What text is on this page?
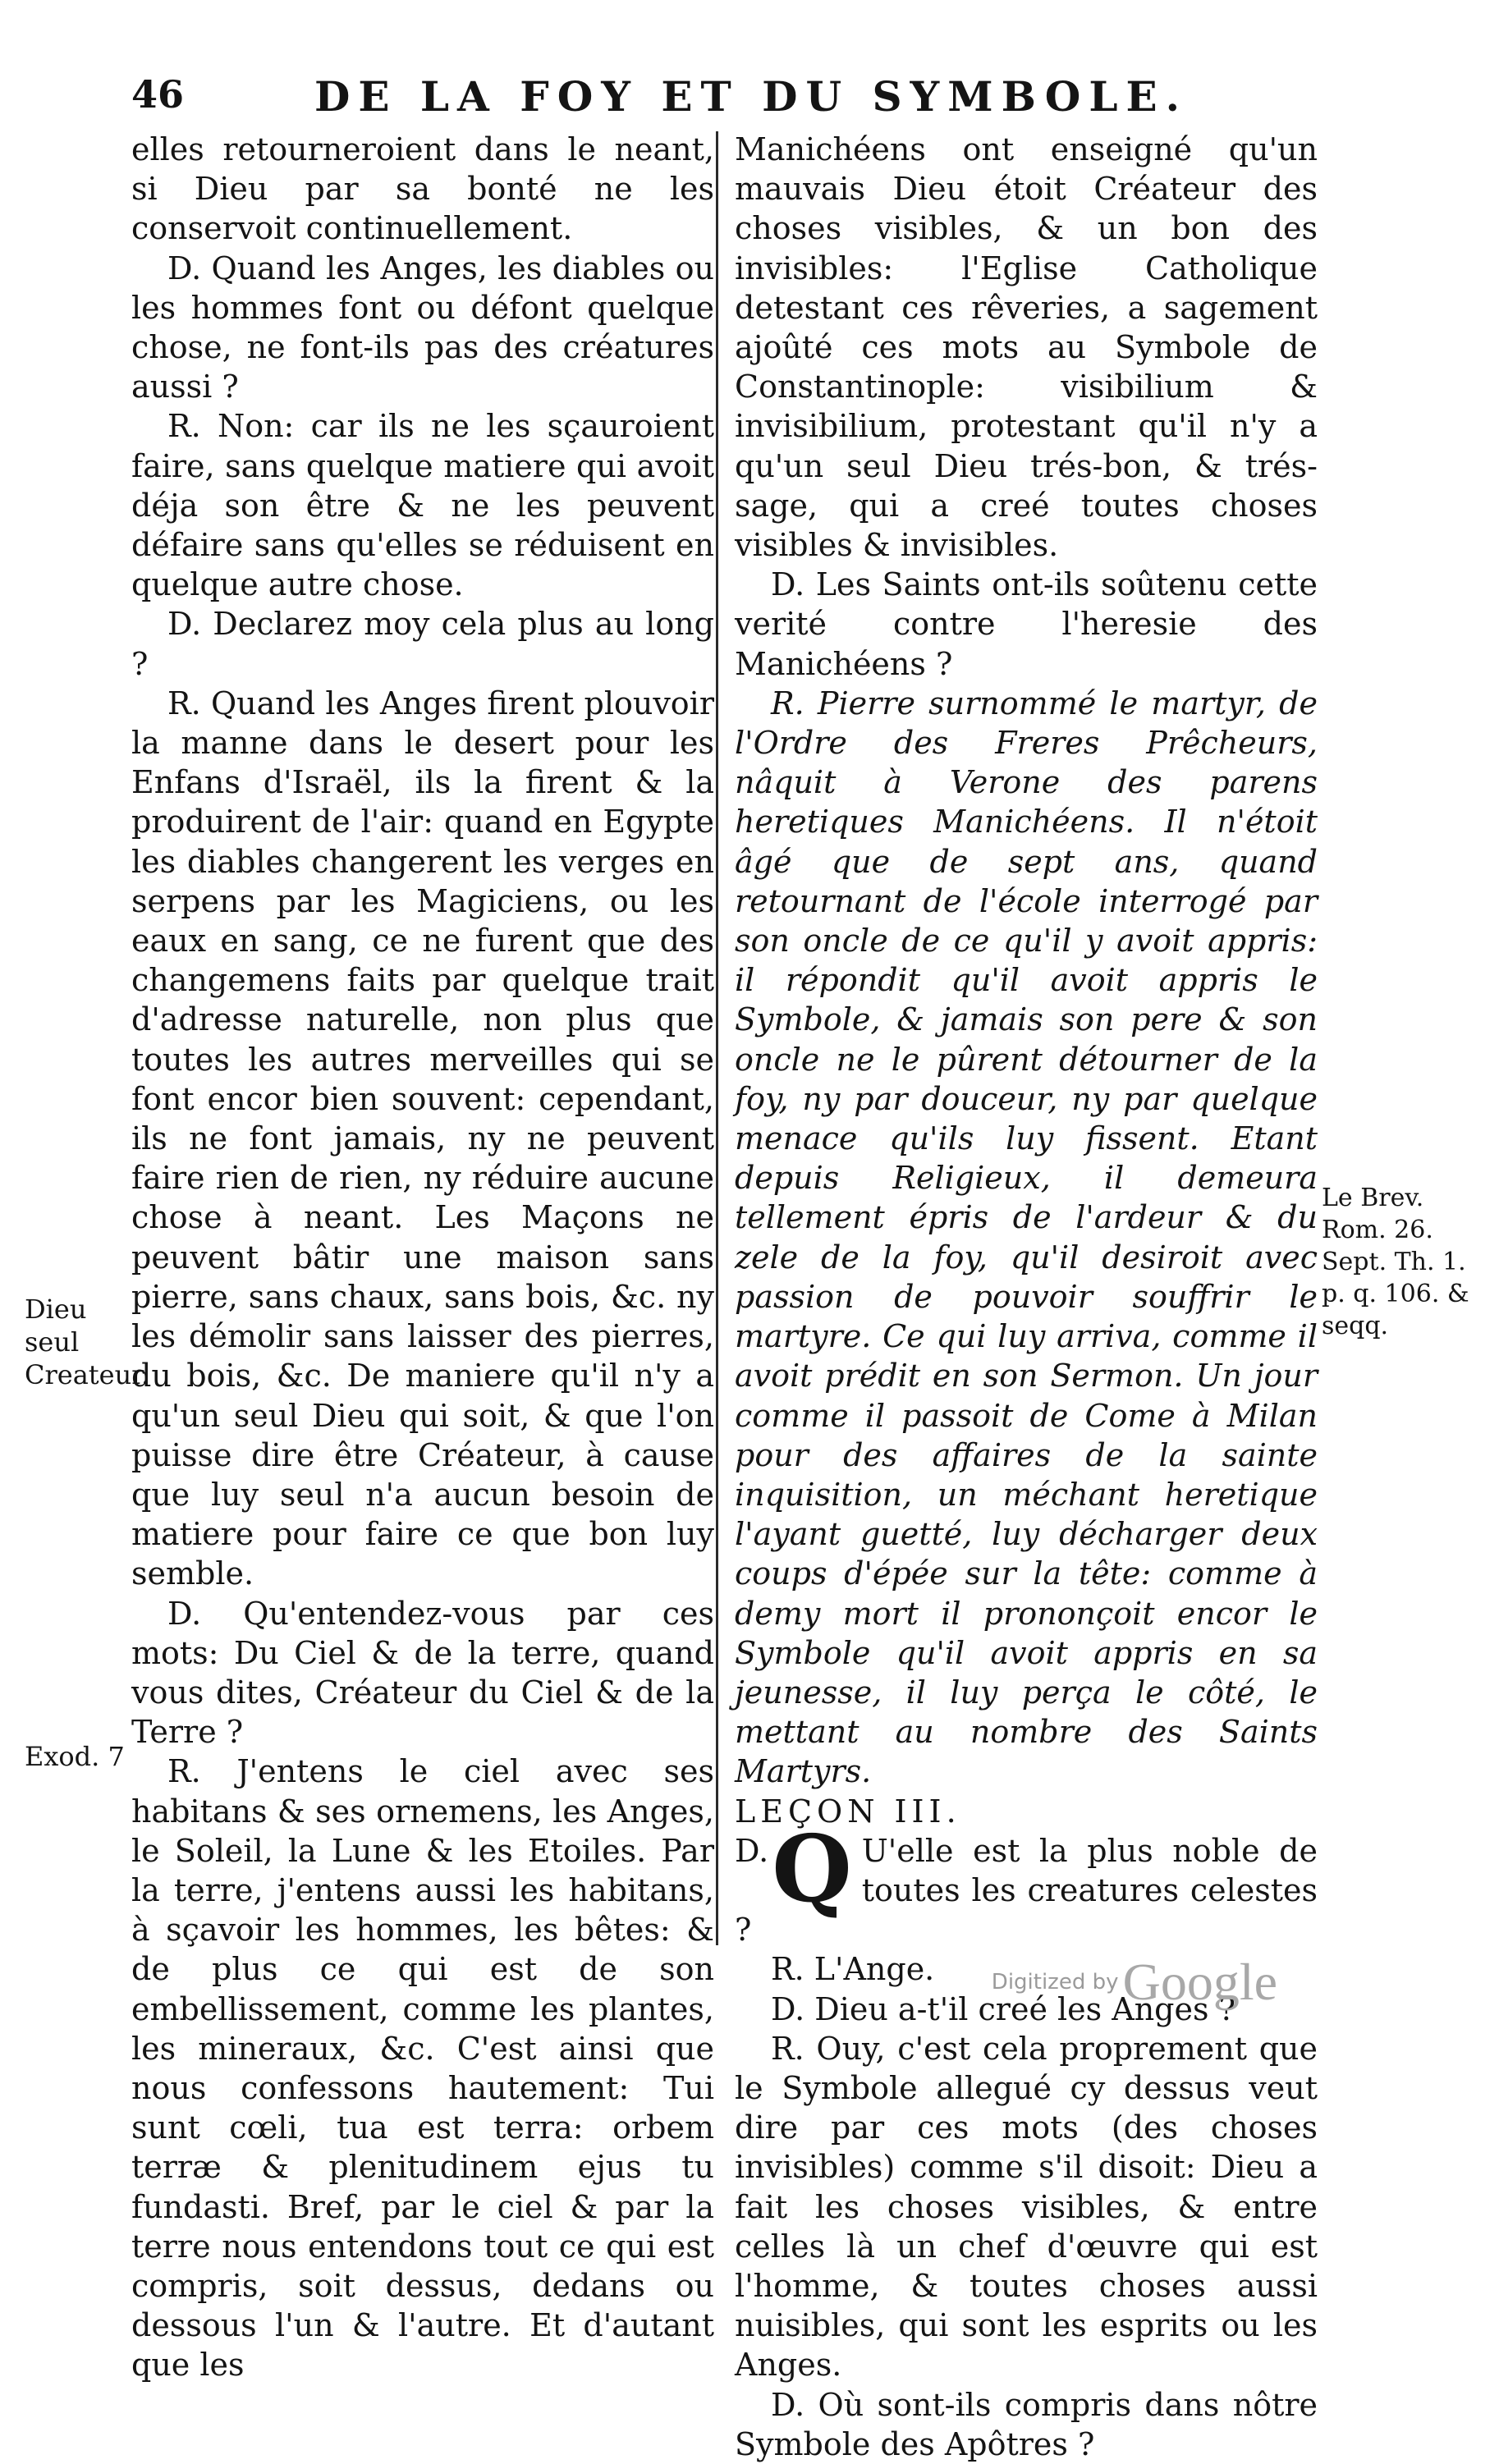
46	DE LA FOY ET DU SYMBOLE.

elles retourneroient dans le neant, si Dieu par sa bonté ne les conservoit continuellement.

D. Quand les Anges, les diables ou les hommes font ou défont quelque chose, ne font-ils pas des créatures aussi ?

R. Non: car ils ne les sçauroient faire, sans quelque matiere qui avoit déja son être & ne les peuvent défaire sans qu'elles se réduisent en quelque autre chose.

D. Declarez moy cela plus au long ?

R. Quand les Anges firent plouvoir la manne dans le desert pour les Enfans d'Israël, ils la firent & la produirent de l'air: quand en Egypte les diables changerent les verges en serpens par les Magiciens, ou les eaux en sang, ce ne furent que des changemens faits par quelque trait d'adresse naturelle, non plus que toutes les autres merveilles qui se font encor bien souvent: cependant, ils ne font jamais, ny ne peuvent faire rien de rien, ny réduire aucune chose à neant. Les Maçons ne peuvent bâtir une maison sans pierre, sans chaux, sans bois, &c. ny les démolir sans laisser des pierres, du bois, &c. De maniere qu'il n'y a qu'un seul Dieu qui soit, & que l'on puisse dire être Créateur, à cause que luy seul n'a aucun besoin de matiere pour faire ce que bon luy semble.

D. Qu'entendez-vous par ces mots: Du Ciel & de la terre, quand vous dites, Créateur du Ciel & de la Terre ?

R. J'entens le ciel avec ses habitans & ses ornemens, les Anges, le Soleil, la Lune & les Etoiles. Par la terre, j'entens aussi les habitans, à sçavoir les hommes, les bêtes: & de plus ce qui est de son embellissement, comme les plantes, les mineraux, &c. C'est ainsi que nous confessons hautement: Tui sunt cœli, tua est terra: orbem terræ & plenitudinem ejus tu fundasti. Bref, par le ciel & par la terre nous entendons tout ce qui est compris, soit dessus, dedans ou dessous l'un & l'autre. Et d'autant que les

Manichéens ont enseigné qu'un mauvais Dieu étoit Créateur des choses visibles, & un bon des invisibles: l'Eglise Catholique detestant ces rêveries, a sagement ajoûté ces mots au Symbole de Constantinople: visibilium & invisibilium, protestant qu'il n'y a qu'un seul Dieu trés-bon, & trés-sage, qui a creé toutes choses visibles & invisibles.

D. Les Saints ont-ils soûtenu cette verité contre l'heresie des Manichéens ?

R. Pierre surnommé le martyr, de l'Ordre des Freres Prêcheurs, nâquit à Verone des parens heretiques Manichéens. Il n'étoit âgé que de sept ans, quand retournant de l'école interrogé par son oncle de ce qu'il y avoit appris: il répondit qu'il avoit appris le Symbole, & jamais son pere & son oncle ne le pûrent détourner de la foy, ny par douceur, ny par quelque menace qu'ils luy fissent. Etant depuis Religieux, il demeura tellement épris de l'ardeur & du zele de la foy, qu'il desiroit avec passion de pouvoir souffrir le martyre. Ce qui luy arriva, comme il avoit prédit en son Sermon. Un jour comme il passoit de Come à Milan pour des affaires de la sainte inquisition, un méchant heretique l'ayant guetté, luy décharger deux coups d'épée sur la tête: comme à demy mort il prononçoit encor le Symbole qu'il avoit appris en sa jeunesse, il luy perça le côté, le mettant au nombre des Saints Martyrs.

LEÇON III.

D. Q U'elle est la plus noble de toutes les creatures celestes ?

R. L'Ange.

D. Dieu a-t'il creé les Anges ?

R. Ouy, c'est cela proprement que le Symbole allegué cy dessus veut dire par ces mots (des choses invisibles) comme s'il disoit: Dieu a fait les choses visibles, & entre celles là un chef d'œuvre qui est l'homme, & toutes choses aussi nuisibles, qui sont les esprits ou les Anges.

D. Où sont-ils compris dans nôtre Symbole des Apôtres ?

Dieu seul Createur.
Exod. 7
Le Brev. Rom. 26. Sept. Th. 1. p. q. 106. & seqq.
Digitized by Google
